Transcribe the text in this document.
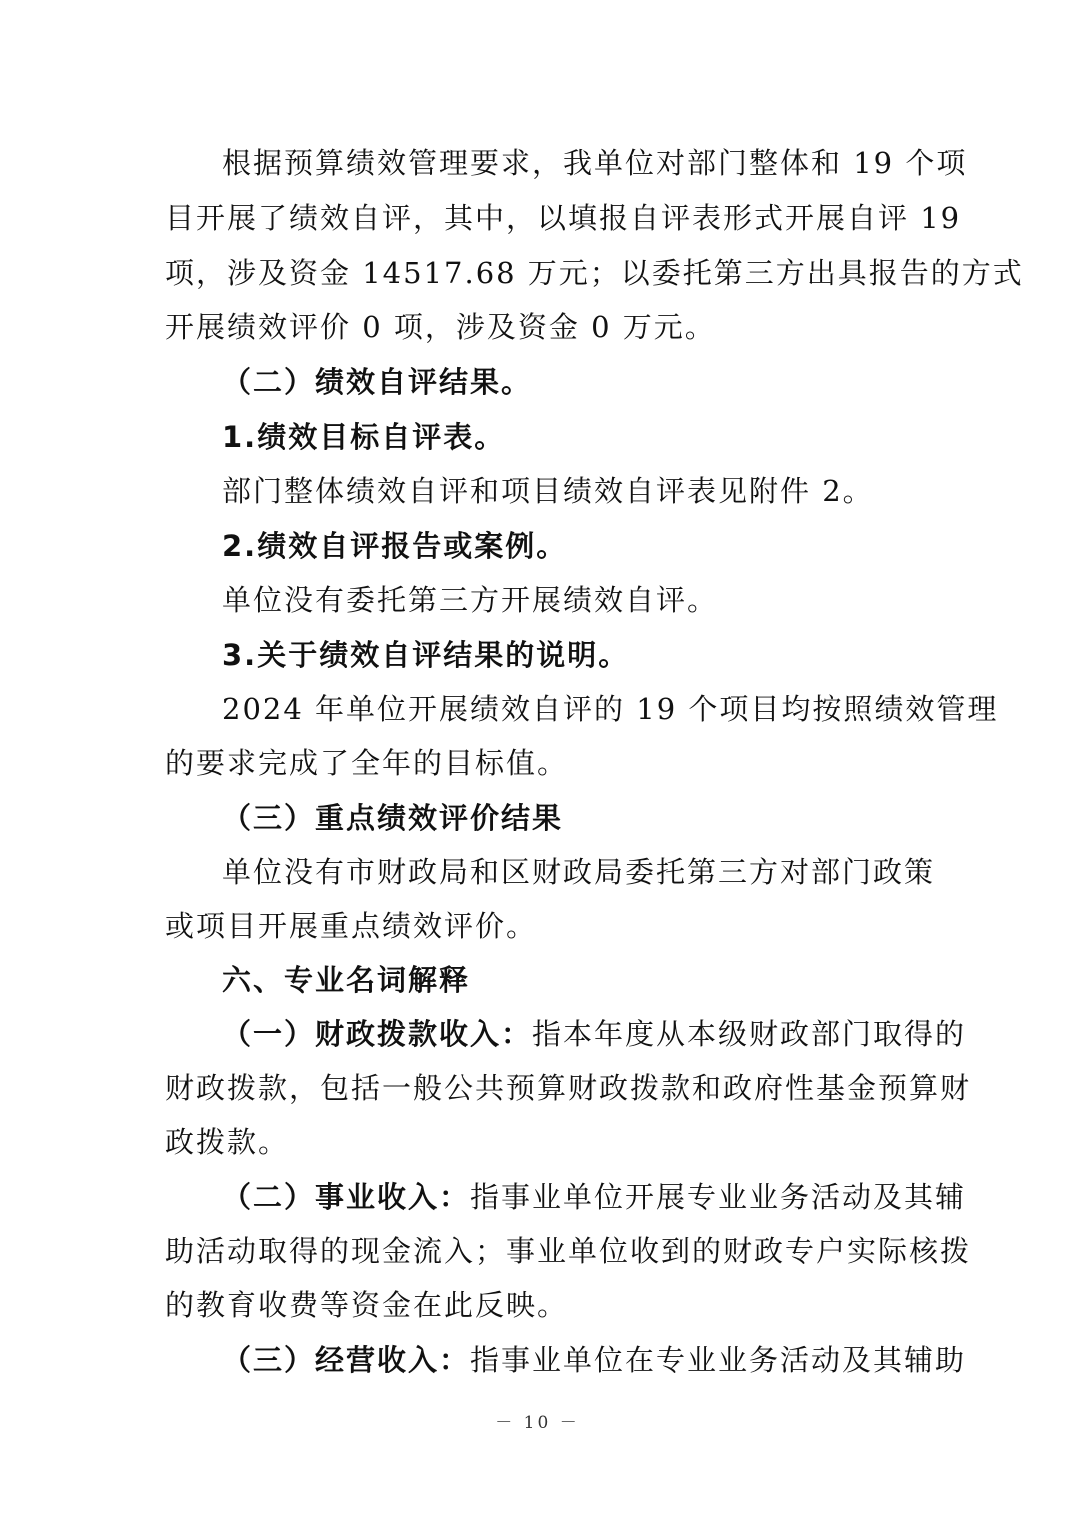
根据预算绩效管理要求，我单位对部门整体和 19 个项
目开展了绩效自评，其中，以填报自评表形式开展自评 19
项，涉及资金 14517.68 万元；以委托第三方出具报告的方式
开展绩效评价 0 项，涉及资金 0 万元。
（二）绩效自评结果。
1.绩效目标自评表。
部门整体绩效自评和项目绩效自评表见附件 2。
2.绩效自评报告或案例。
单位没有委托第三方开展绩效自评。
3.关于绩效自评结果的说明。
2024 年单位开展绩效自评的 19 个项目均按照绩效管理
的要求完成了全年的目标值。
（三）重点绩效评价结果
单位没有市财政局和区财政局委托第三方对部门政策
或项目开展重点绩效评价。
六、专业名词解释
（一）财政拨款收入：指本年度从本级财政部门取得的
财政拨款，包括一般公共预算财政拨款和政府性基金预算财
政拨款。
（二）事业收入：指事业单位开展专业业务活动及其辅
助活动取得的现金流入；事业单位收到的财政专户实际核拨
的教育收费等资金在此反映。
（三）经营收入：指事业单位在专业业务活动及其辅助
－ 10 －
